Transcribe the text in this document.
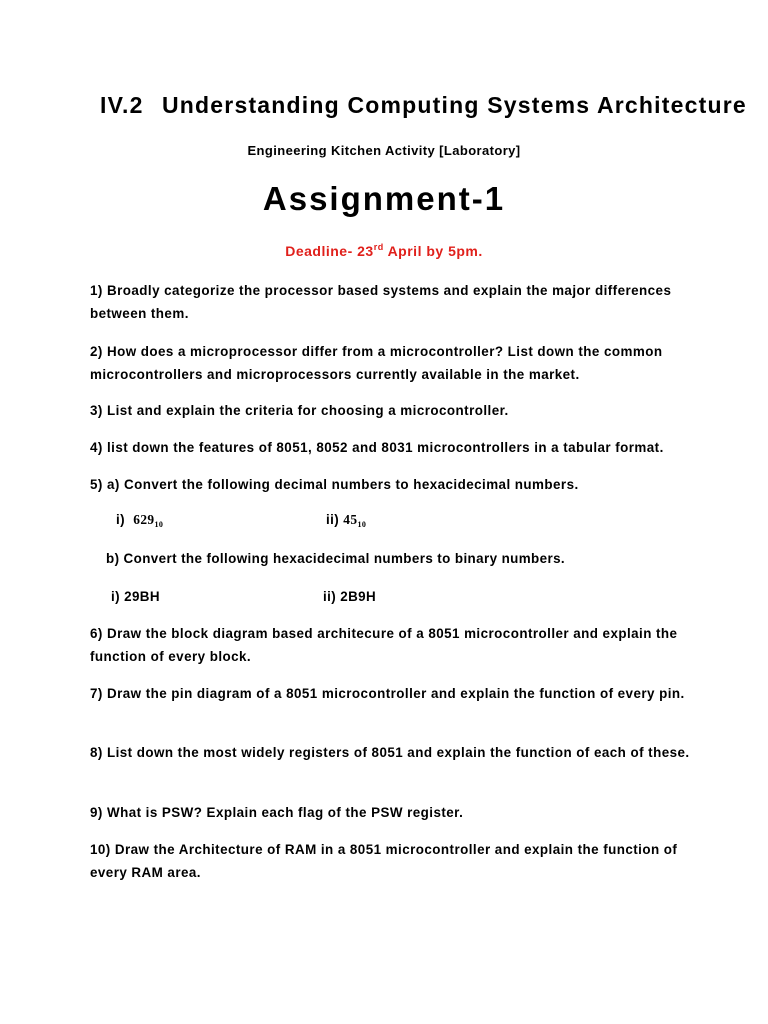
IV.2 Understanding Computing Systems Architecture
Engineering Kitchen Activity [Laboratory]
Assignment-1
Deadline- 23rd April by 5pm.
1) Broadly categorize the processor based systems and explain the major differences between them.
2) How does a microprocessor differ from a microcontroller? List down the common microcontrollers and microprocessors currently available in the market.
3) List and explain the criteria for choosing a microcontroller.
4) list down the features of 8051, 8052 and 8031 microcontrollers in a tabular format.
5) a) Convert the following decimal numbers to hexacidecimal numbers.
i) $629_{10}$	ii) $45_{10}$
b) Convert the following hexacidecimal numbers to binary numbers.
i) 29BH	ii) 2B9H
6) Draw the block diagram based architecure of a 8051 microcontroller and explain the function of every block.
7) Draw the pin diagram of a 8051 microcontroller and explain the function of every pin.
8) List down the most widely registers of 8051 and explain the function of each of these.
9) What is PSW? Explain each flag of the PSW register.
10) Draw the Architecture of RAM in a 8051 microcontroller and explain the function of every RAM area.
